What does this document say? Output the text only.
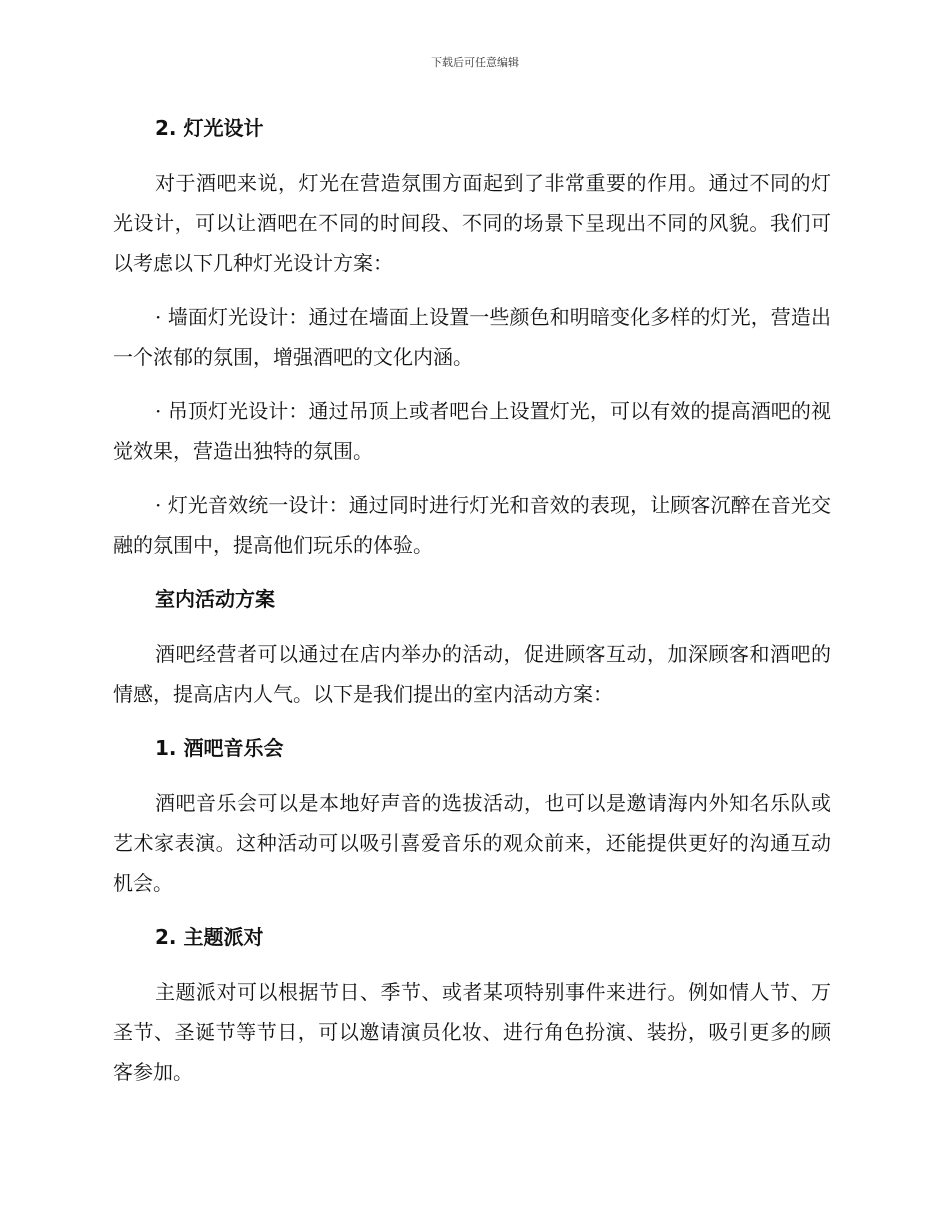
下载后可任意编辑
2. 灯光设计

对于酒吧来说，灯光在营造氛围方面起到了非常重要的作用。通过不同的灯光设计，可以让酒吧在不同的时间段、不同的场景下呈现出不同的风貌。我们可以考虑以下几种灯光设计方案：

· 墙面灯光设计：通过在墙面上设置一些颜色和明暗变化多样的灯光，营造出一个浓郁的氛围，增强酒吧的文化内涵。

· 吊顶灯光设计：通过吊顶上或者吧台上设置灯光，可以有效的提高酒吧的视觉效果，营造出独特的氛围。

· 灯光音效统一设计：通过同时进行灯光和音效的表现，让顾客沉醉在音光交融的氛围中，提高他们玩乐的体验。

室内活动方案

酒吧经营者可以通过在店内举办的活动，促进顾客互动，加深顾客和酒吧的情感，提高店内人气。以下是我们提出的室内活动方案：

1. 酒吧音乐会

酒吧音乐会可以是本地好声音的选拔活动，也可以是邀请海内外知名乐队或艺术家表演。这种活动可以吸引喜爱音乐的观众前来，还能提供更好的沟通互动机会。

2. 主题派对

主题派对可以根据节日、季节、或者某项特别事件来进行。例如情人节、万圣节、圣诞节等节日，可以邀请演员化妆、进行角色扮演、装扮，吸引更多的顾客参加。
